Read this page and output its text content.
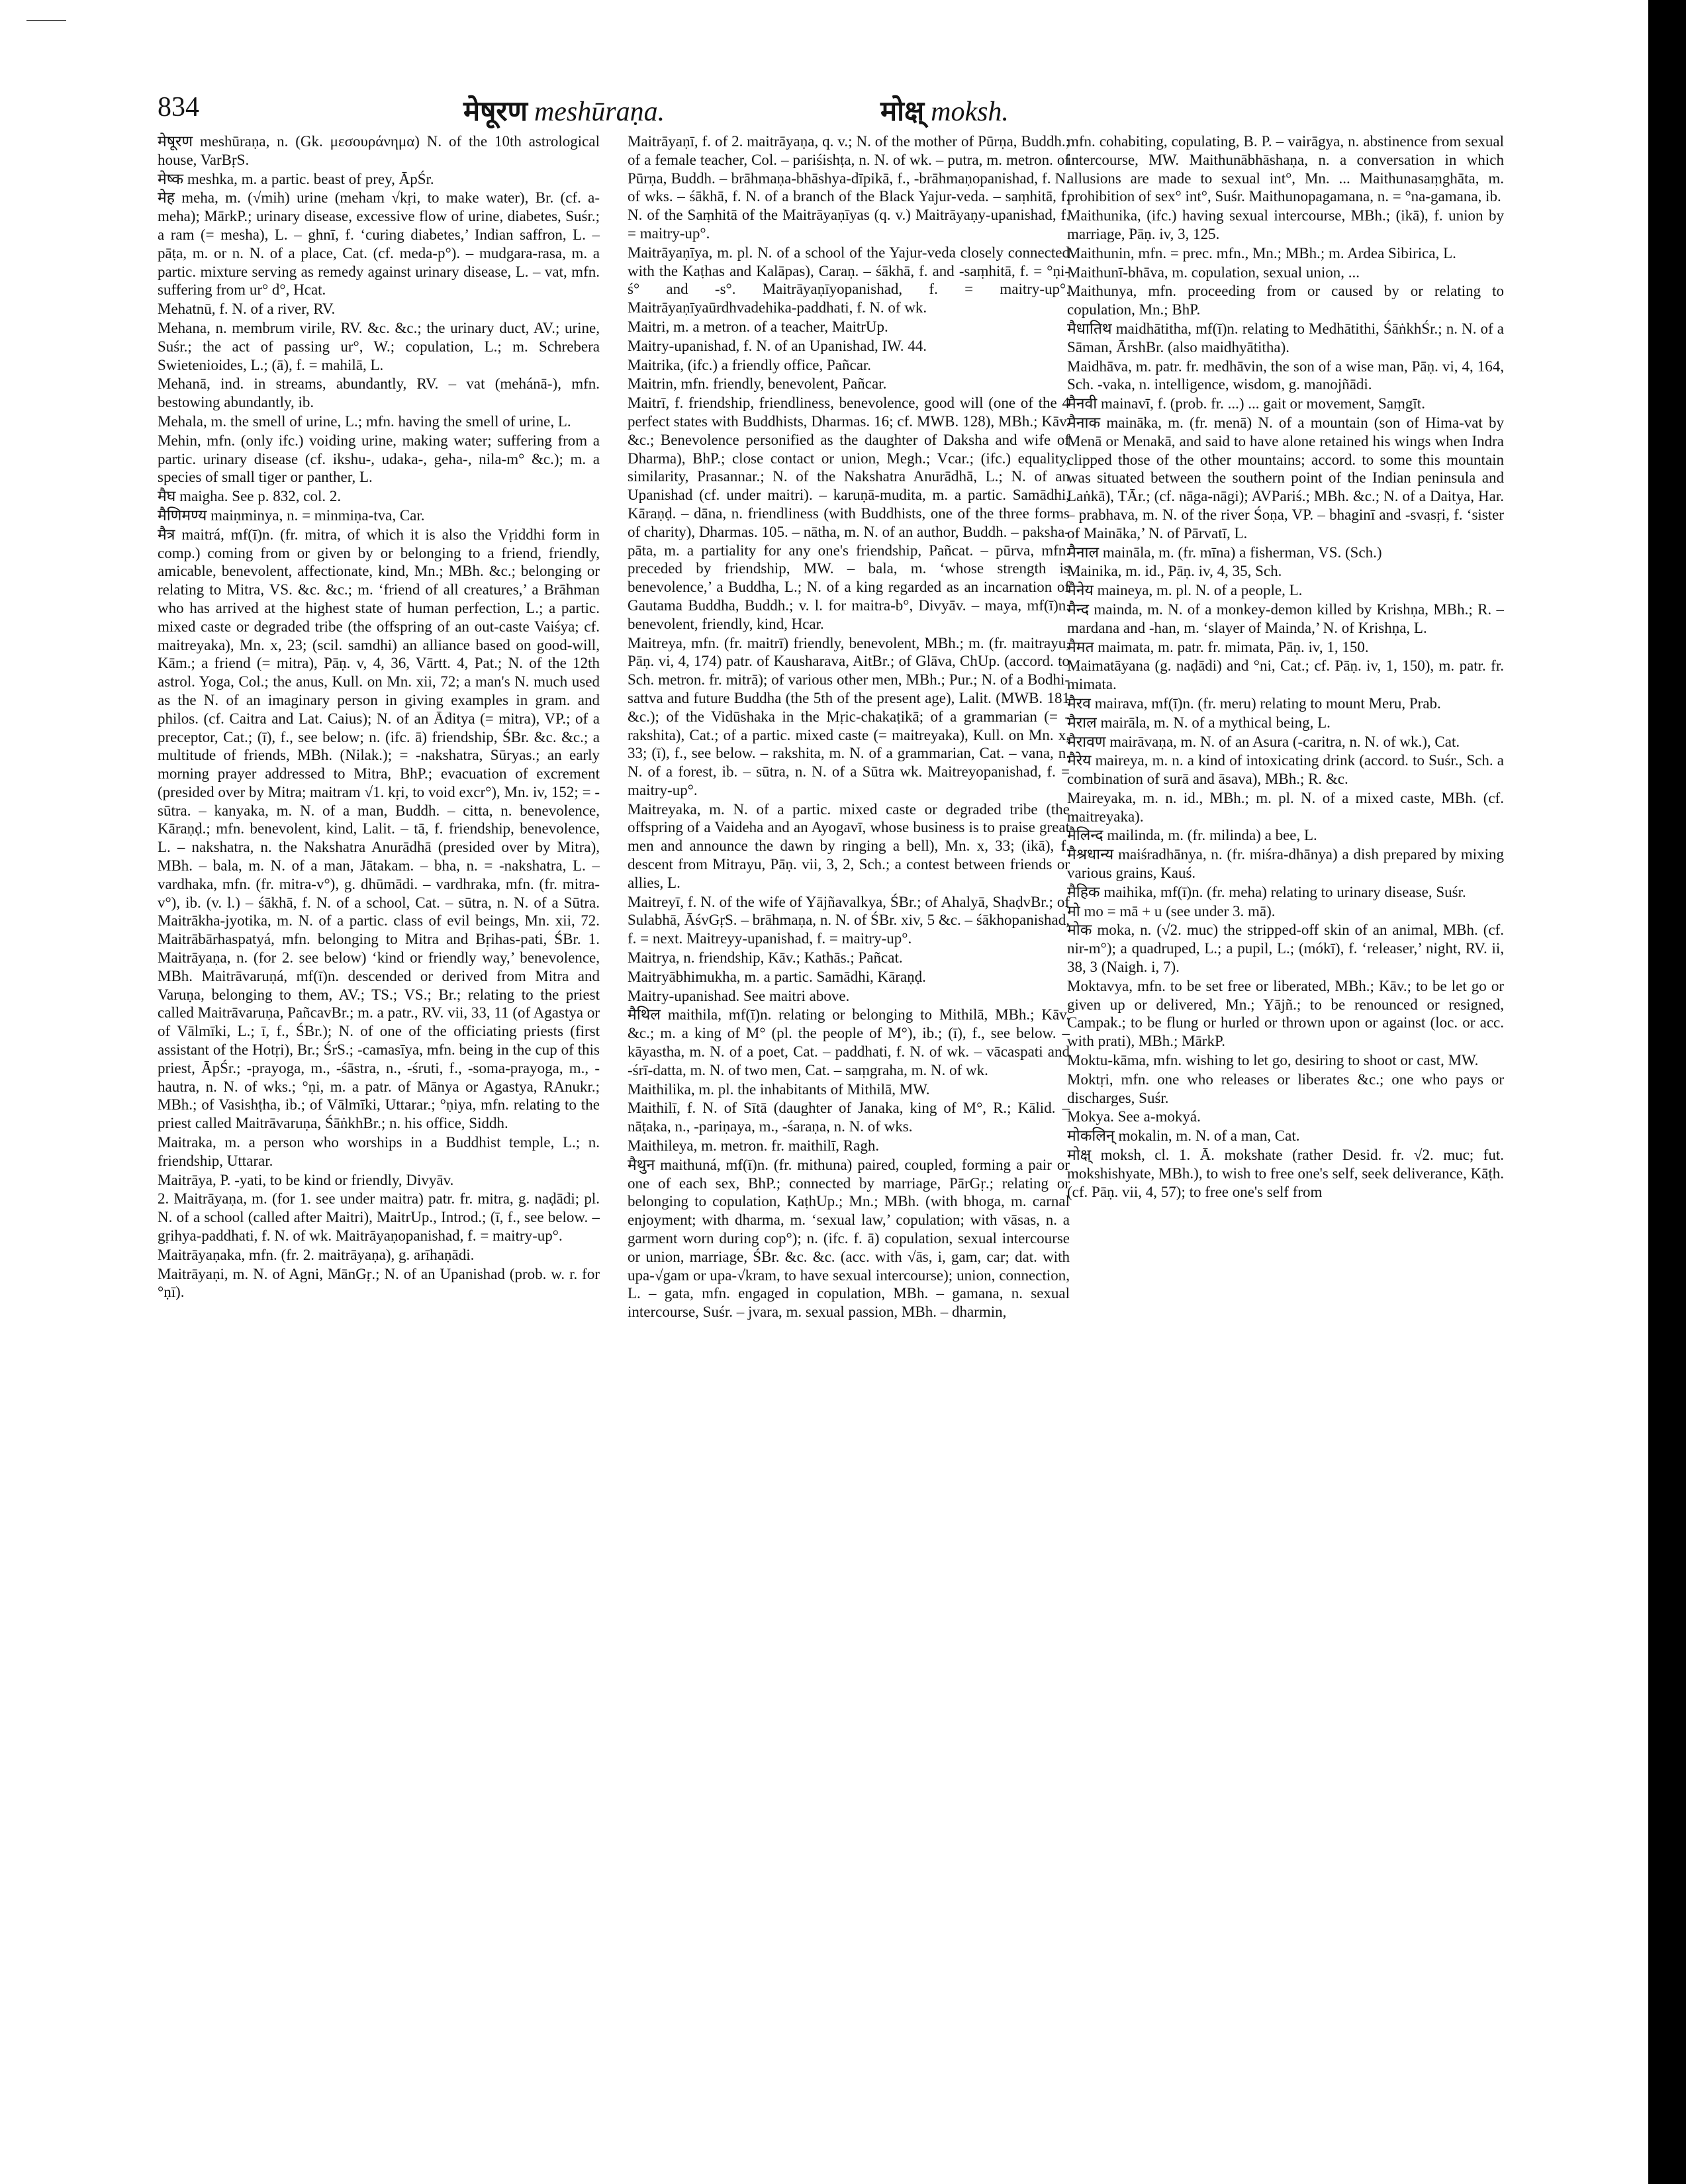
834	मेषूरण meshūraṇa.	मोक्ष् moksh.

मेषूरण meshūraṇa, n. (Gk. μεσουράνημα) N. of the 10th astrological house, VarBṛS.

मेष्क meshka, m. a partic. beast of prey, ĀpŚr.

मेह meha, m. (√mih) urine (meham √kṛi, to make water), Br. (cf. a-meha); MārkP.; urinary disease, excessive flow of urine, diabetes, Suśr.; a ram (= mesha), L. – ghnī, f. ‘curing diabetes,’ Indian saffron, L. – pāṭa, m. or n. N. of a place, Cat. (cf. meda-p°). – mudgara-rasa, m. a partic. mixture serving as remedy against urinary disease, L. – vat, mfn. suffering from ur° d°, Hcat.

Mehatnū, f. N. of a river, RV.

Mehana, n. membrum virile, RV. &c. &c.; the urinary duct, AV.; urine, Suśr.; the act of passing ur°, W.; copulation, L.; m. Schrebera Swietenioides, L.; (ā), f. = mahilā, L.

Mehanā, ind. in streams, abundantly, RV. – vat (mehánā-), mfn. bestowing abundantly, ib.

Mehala, m. the smell of urine, L.; mfn. having the smell of urine, L.

Mehin, mfn. (only ifc.) voiding urine, making water; suffering from a partic. urinary disease (cf. ikshu-, udaka-, geha-, nila-m° &c.); m. a species of small tiger or panther, L.

मैघ maigha. See p. 832, col. 2.

मैणिमण्य maiṇminya, n. = minmiṇa-tva, Car.

मैत्र maitrá, mf(ī)n. (fr. mitra, of which it is also the Vṛiddhi form in comp.) coming from or given by or belonging to a friend, friendly, amicable, benevolent, affectionate, kind, Mn.; MBh. &c.; belonging or relating to Mitra, VS. &c. &c.; m. ‘friend of all creatures,’ a Brāhman who has arrived at the highest state of human perfection, L.; a partic. mixed caste or degraded tribe (the offspring of an out-caste Vaiśya; cf. maitreyaka), Mn. x, 23; (scil. samdhi) an alliance based on good-will, Kām.; a friend (= mitra), Pāṇ. v, 4, 36, Vārtt. 4, Pat.; N. of the 12th astrol. Yoga, Col.; the anus, Kull. on Mn. xii, 72; a man's N. much used as the N. of an imaginary person in giving examples in gram. and philos. (cf. Caitra and Lat. Caius); N. of an Āditya (= mitra), VP.; of a preceptor, Cat.; (ī), f., see below; n. (ifc. ā) friendship, ŚBr. &c. &c.; a multitude of friends, MBh. (Nilak.); = -nakshatra, Sūryas.; an early morning prayer addressed to Mitra, BhP.; evacuation of excrement (presided over by Mitra; maitram √1. kṛi, to void excr°), Mn. iv, 152; = -sūtra. – kanyaka, m. N. of a man, Buddh. – citta, n. benevolence, Kāraṇḍ.; mfn. benevolent, kind, Lalit. – tā, f. friendship, benevolence, L. – nakshatra, n. the Nakshatra Anurādhā (presided over by Mitra), MBh. – bala, m. N. of a man, Jātakam. – bha, n. = -nakshatra, L. – vardhaka, mfn. (fr. mitra-v°), g. dhūmādi. – vardhraka, mfn. (fr. mitra-v°), ib. (v. l.) – śākhā, f. N. of a school, Cat. – sūtra, n. N. of a Sūtra. Maitrākha-jyotika, m. N. of a partic. class of evil beings, Mn. xii, 72. Maitrābārhaspatyá, mfn. belonging to Mitra and Bṛihas-pati, ŚBr. 1. Maitrāyaṇa, n. (for 2. see below) ‘kind or friendly way,’ benevolence, MBh. Maitrāvaruṇá, mf(ī)n. descended or derived from Mitra and Varuṇa, belonging to them, AV.; TS.; VS.; Br.; relating to the priest called Maitrāvaruṇa, PañcavBr.; m. a patr., RV. vii, 33, 11 (of Agastya or of Vālmīki, L.; ī, f., ŚBr.); N. of one of the officiating priests (first assistant of the Hotṛi), Br.; ŚrS.; -camasīya, mfn. being in the cup of this priest, ĀpŚr.; -prayoga, m., -śāstra, n., -śruti, f., -soma-prayoga, m., -hautra, n. N. of wks.; °ṇi, m. a patr. of Mānya or Agastya, RAnukr.; MBh.; of Vasishṭha, ib.; of Vālmīki, Uttarar.; °ṇiya, mfn. relating to the priest called Maitrāvaruṇa, ŚāṅkhBr.; n. his office, Siddh.

Maitraka, m. a person who worships in a Buddhist temple, L.; n. friendship, Uttarar.

Maitrāya, P. -yati, to be kind or friendly, Divyāv.

2. Maitrāyaṇa, m. (for 1. see under maitra) patr. fr. mitra, g. naḍādi; pl. N. of a school (called after Maitri), MaitrUp., Introd.; (ī, f., see below. – gṛihya-paddhati, f. N. of wk. Maitrāyaṇopanishad, f. = maitry-up°.

Maitrāyaṇaka, mfn. (fr. 2. maitrāyaṇa), g. arīhaṇādi.

Maitrāyaṇi, m. N. of Agni, MānGṛ.; N. of an Upanishad (prob. w. r. for °ṇī).

Maitrāyaṇī, f. of 2. maitrāyaṇa, q. v.; N. of the mother of Pūrṇa, Buddh.; of a female teacher, Col. – pariśishṭa, n. N. of wk. – putra, m. metron. of Pūrṇa, Buddh. – brāhmaṇa-bhāshya-dīpikā, f., -brāhmaṇopanishad, f. N. of wks. – śākhā, f. N. of a branch of the Black Yajur-veda. – saṃhitā, f. N. of the Saṃhitā of the Maitrāyaṇīyas (q. v.) Maitrāyaṇy-upanishad, f. = maitry-up°.

Maitrāyaṇīya, m. pl. N. of a school of the Yajur-veda closely connected with the Kaṭhas and Kalāpas), Caraṇ. – śākhā, f. and -saṃhitā, f. = °ṇi-ś° and -s°. Maitrāyaṇīyopanishad, f. = maitry-up°. Maitrāyaṇīyaūrdhvadehika-paddhati, f. N. of wk.

Maitri, m. a metron. of a teacher, MaitrUp.

Maitry-upanishad, f. N. of an Upanishad, IW. 44.

Maitrika, (ifc.) a friendly office, Pañcar.

Maitrin, mfn. friendly, benevolent, Pañcar.

Maitrī, f. friendship, friendliness, benevolence, good will (one of the 4 perfect states with Buddhists, Dharmas. 16; cf. MWB. 128), MBh.; Kāv. &c.; Benevolence personified as the daughter of Daksha and wife of Dharma), BhP.; close contact or union, Megh.; Vcar.; (ifc.) equality, similarity, Prasannar.; N. of the Nakshatra Anurādhā, L.; N. of an Upanishad (cf. under maitri). – karuṇā-mudita, m. a partic. Samādhi, Kāraṇḍ. – dāna, n. friendliness (with Buddhists, one of the three forms of charity), Dharmas. 105. – nātha, m. N. of an author, Buddh. – paksha-pāta, m. a partiality for any one's friendship, Pañcat. – pūrva, mfn. preceded by friendship, MW. – bala, m. ‘whose strength is benevolence,’ a Buddha, L.; N. of a king regarded as an incarnation of Gautama Buddha, Buddh.; v. l. for maitra-b°, Divyāv. – maya, mf(ī)n. benevolent, friendly, kind, Hcar.

Maitreya, mfn. (fr. maitrī) friendly, benevolent, MBh.; m. (fr. maitrayu, Pāṇ. vi, 4, 174) patr. of Kausharava, AitBr.; of Glāva, ChUp. (accord. to Sch. metron. fr. mitrā); of various other men, MBh.; Pur.; N. of a Bodhi-sattva and future Buddha (the 5th of the present age), Lalit. (MWB. 181 &c.); of the Vidūshaka in the Mṛic-chakaṭikā; of a grammarian (= -rakshita), Cat.; of a partic. mixed caste (= maitreyaka), Kull. on Mn. x, 33; (ī), f., see below. – rakshita, m. N. of a grammarian, Cat. – vana, n. N. of a forest, ib. – sūtra, n. N. of a Sūtra wk. Maitreyopanishad, f. = maitry-up°.

Maitreyaka, m. N. of a partic. mixed caste or degraded tribe (the offspring of a Vaideha and an Ayogavī, whose business is to praise great men and announce the dawn by ringing a bell), Mn. x, 33; (ikā), f. descent from Mitrayu, Pāṇ. vii, 3, 2, Sch.; a contest between friends or allies, L.

Maitreyī, f. N. of the wife of Yājñavalkya, ŚBr.; of Ahalyā, ShaḍvBr.; of Sulabhā, ĀśvGṛS. – brāhmaṇa, n. N. of ŚBr. xiv, 5 &c. – śākhopanishad, f. = next. Maitreyy-upanishad, f. = maitry-up°.

Maitrya, n. friendship, Kāv.; Kathās.; Pañcat.

Maitryābhimukha, m. a partic. Samādhi, Kāraṇḍ.

Maitry-upanishad. See maitri above.

मैथिल maithila, mf(ī)n. relating or belonging to Mithilā, MBh.; Kāv. &c.; m. a king of M° (pl. the people of M°), ib.; (ī), f., see below. – kāyastha, m. N. of a poet, Cat. – paddhati, f. N. of wk. – vācaspati and -śrī-datta, m. N. of two men, Cat. – saṃgraha, m. N. of wk.

Maithilika, m. pl. the inhabitants of Mithilā, MW.

Maithilī, f. N. of Sītā (daughter of Janaka, king of M°, R.; Kālid. – nāṭaka, n., -pariṇaya, m., -śaraṇa, n. N. of wks.

Maithileya, m. metron. fr. maithilī, Ragh.

मैथुन maithuná, mf(ī)n. (fr. mithuna) paired, coupled, forming a pair or one of each sex, BhP.; connected by marriage, PārGṛ.; relating or belonging to copulation, KaṭhUp.; Mn.; MBh. (with bhoga, m. carnal enjoyment; with dharma, m. ‘sexual law,’ copulation; with vāsas, n. a garment worn during cop°); n. (ifc. f. ā) copulation, sexual intercourse or union, marriage, ŚBr. &c. &c. (acc. with √ās, i, gam, car; dat. with upa-√gam or upa-√kram, to have sexual intercourse); union, connection, L. – gata, mfn. engaged in copulation, MBh. – gamana, n. sexual intercourse, Suśr. – jvara, m. sexual passion, MBh. – dharmin,

mfn. cohabiting, copulating, B. P. – vairāgya, n. abstinence from sexual intercourse, MW. Maithunābhāshaṇa, n. a conversation in which allusions are made to sexual int°, Mn. ... Maithunasaṃghāta, m. prohibition of sex° int°, Suśr. Maithunopagamana, n. = °na-gamana, ib.

Maithunika, (ifc.) having sexual intercourse, MBh.; (ikā), f. union by marriage, Pāṇ. iv, 3, 125.

Maithunin, mfn. = prec. mfn., Mn.; MBh.; m. Ardea Sibirica, L.

Maithunī-bhāva, m. copulation, sexual union, ...

Maithunya, mfn. proceeding from or caused by or relating to copulation, Mn.; BhP.

मैधातिथ maidhātitha, mf(ī)n. relating to Medhātithi, ŚāṅkhŚr.; n. N. of a Sāman, ĀrshBr. (also maidhyātitha).

Maidhāva, m. patr. fr. medhāvin, the son of a wise man, Pāṇ. vi, 4, 164, Sch. -vaka, n. intelligence, wisdom, g. manojñādi.

मैनवी mainavī, f. (prob. fr. ...) ... gait or movement, Saṃgīt.

मैनाक maināka, m. (fr. menā) N. of a mountain (son of Hima-vat by Menā or Menakā, and said to have alone retained his wings when Indra clipped those of the other mountains; accord. to some this mountain was situated between the southern point of the Indian peninsula and Laṅkā), TĀr.; (cf. nāga-nāgi); AVPariś.; MBh. &c.; N. of a Daitya, Har. – prabhava, m. N. of the river Śoṇa, VP. – bhaginī and -svasṛi, f. ‘sister of Maināka,’ N. of Pārvatī, L.

मैनाल maināla, m. (fr. mīna) a fisherman, VS. (Sch.)

Mainika, m. id., Pāṇ. iv, 4, 35, Sch.

मैनेय maineya, m. pl. N. of a people, L.

मैन्द mainda, m. N. of a monkey-demon killed by Krishṇa, MBh.; R. – mardana and -han, m. ‘slayer of Mainda,’ N. of Krishṇa, L.

मैमत maimata, m. patr. fr. mimata, Pāṇ. iv, 1, 150.

Maimatāyana (g. naḍādi) and °ni, Cat.; cf. Pāṇ. iv, 1, 150), m. patr. fr. mimata.

मैरव mairava, mf(ī)n. (fr. meru) relating to mount Meru, Prab.

मैराल mairāla, m. N. of a mythical being, L.

मैरावण mairāvaṇa, m. N. of an Asura (-caritra, n. N. of wk.), Cat.

मैरेय maireya, m. n. a kind of intoxicating drink (accord. to Suśr., Sch. a combination of surā and āsava), MBh.; R. &c.

Maireyaka, m. n. id., MBh.; m. pl. N. of a mixed caste, MBh. (cf. maitreyaka).

मैलिन्द mailinda, m. (fr. milinda) a bee, L.

मैश्रधान्य maiśradhānya, n. (fr. miśra-dhānya) a dish prepared by mixing various grains, Kauś.

मैहिक maihika, mf(ī)n. (fr. meha) relating to urinary disease, Suśr.

मो mo = mā + u (see under 3. mā).

मोक moka, n. (√2. muc) the stripped-off skin of an animal, MBh. (cf. nir-m°); a quadruped, L.; a pupil, L.; (mókī), f. ‘releaser,’ night, RV. ii, 38, 3 (Naigh. i, 7).

Moktavya, mfn. to be set free or liberated, MBh.; Kāv.; to be let go or given up or delivered, Mn.; Yājñ.; to be renounced or resigned, Campak.; to be flung or hurled or thrown upon or against (loc. or acc. with prati), MBh.; MārkP.

Moktu-kāma, mfn. wishing to let go, desiring to shoot or cast, MW.

Moktṛi, mfn. one who releases or liberates &c.; one who pays or discharges, Suśr.

Mokya. See a-mokyá.

मोकलिन् mokalin, m. N. of a man, Cat.

मोक्ष् moksh, cl. 1. Ā. mokshate (rather Desid. fr. √2. muc; fut. mokshishyate, MBh.), to wish to free one's self, seek deliverance, Kāṭh. (cf. Pāṇ. vii, 4, 57); to free one's self from
